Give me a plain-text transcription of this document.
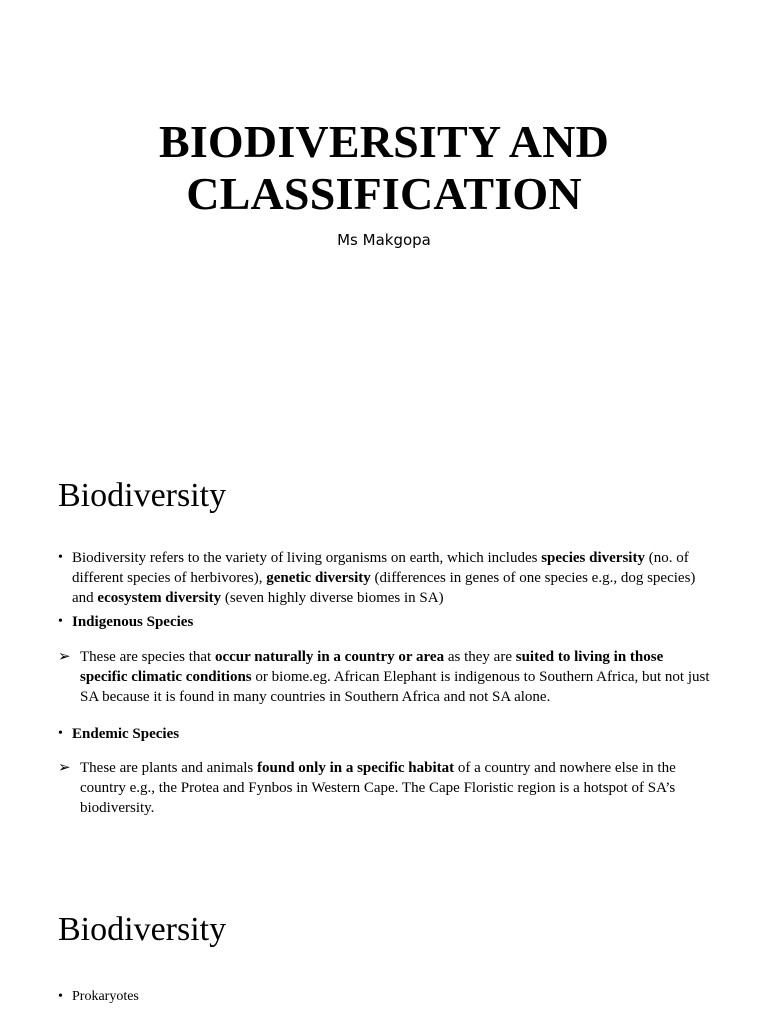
BIODIVERSITY AND
CLASSIFICATION
Ms Makgopa
Biodiversity
• Biodiversity refers to the variety of living organisms on earth, which includes species diversity (no. of different species of herbivores), genetic diversity (differences in genes of one species e.g., dog species) and ecosystem diversity (seven highly diverse biomes in SA)
• Indigenous Species
➢ These are species that occur naturally in a country or area as they are suited to living in those specific climatic conditions or biome.eg. African Elephant is indigenous to Southern Africa, but not just SA because it is found in many countries in Southern Africa and not SA alone.
• Endemic Species
➢ These are plants and animals found only in a specific habitat of a country and nowhere else in the country e.g., the Protea and Fynbos in Western Cape. The Cape Floristic region is a hotspot of SA’s biodiversity.
Biodiversity
• Prokaryotes
